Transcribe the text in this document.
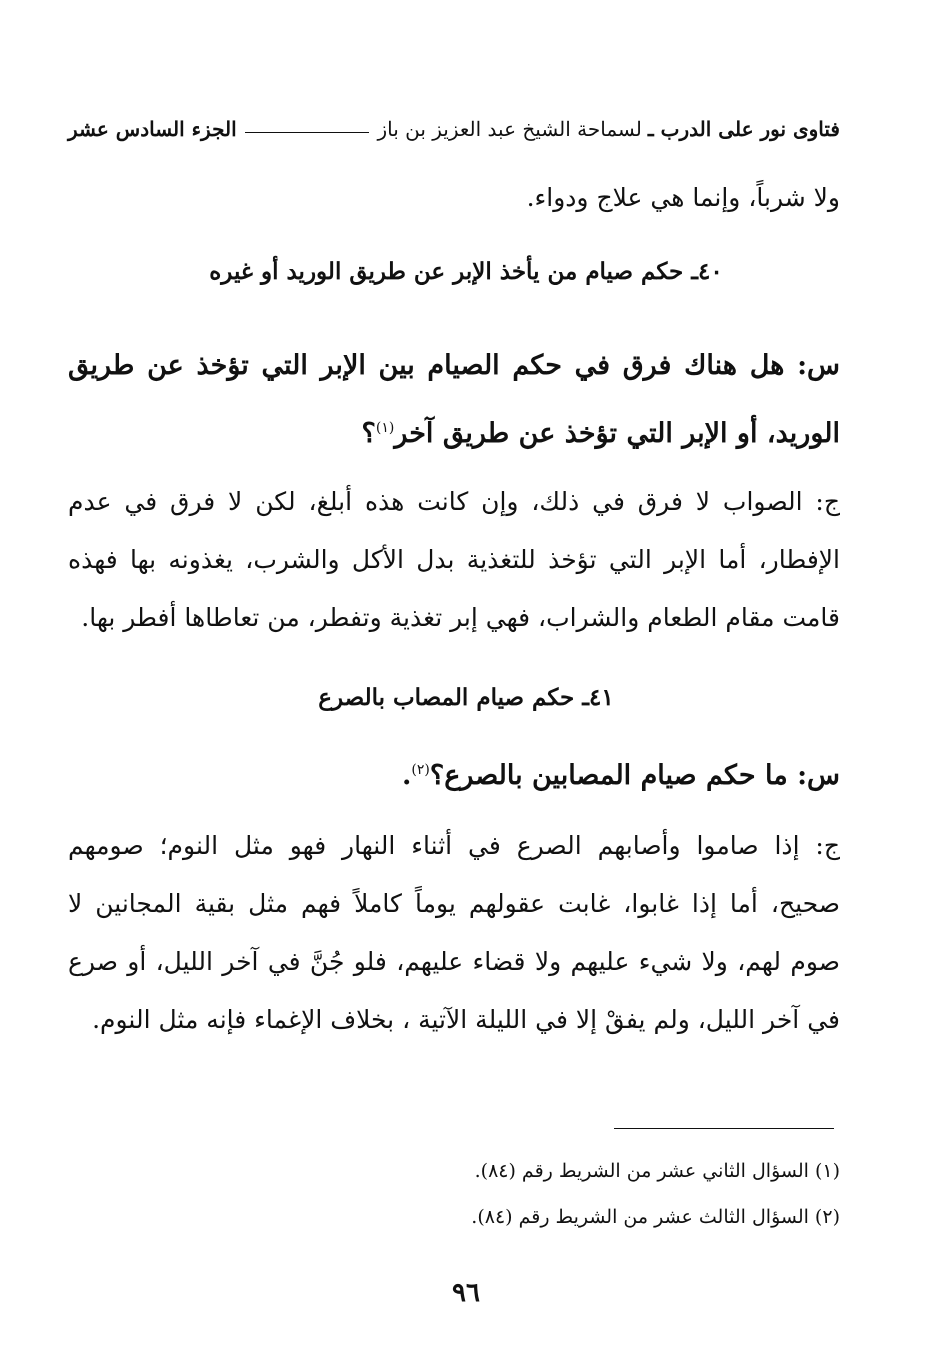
فتاوى نور على الدرب ـ
لسماحة الشيخ عبد العزيز بن باز
الجزء السادس عشر
ولا شرباً، وإنما هي علاج ودواء.
٤٠ـ حكم صيام من يأخذ الإبر عن طريق الوريد أو غيره
س: هل هناك فرق في حكم الصيام بين الإبر التي تؤخذ عن طريق
الوريد، أو الإبر التي تؤخذ عن طريق آخر$^{(١)}$؟
ج: الصواب لا فرق في ذلك، وإن كانت هذه أبلغ، لكن لا فرق في عدم
الإفطار، أما الإبر التي تؤخذ للتغذية بدل الأكل والشرب، يغذونه بها فهذه
قامت مقام الطعام والشراب، فهي إبر تغذية وتفطر، من تعاطاها أفطر بها.
٤١ـ حكم صيام المصاب بالصرع
س: ما حكم صيام المصابين بالصرع؟$^{(٢)}$.
ج: إذا صاموا وأصابهم الصرع في أثناء النهار فهو مثل النوم؛ صومهم
صحيح، أما إذا غابوا، غابت عقولهم يوماً كاملاً فهم مثل بقية المجانين لا
صوم لهم، ولا شيء عليهم ولا قضاء عليهم، فلو جُنَّ في آخر الليل، أو صرع
في آخر الليل، ولم يفقْ إلا في الليلة الآتية ، بخلاف الإغماء فإنه مثل النوم.
(١) السؤال الثاني عشر من الشريط رقم (٨٤).
(٢) السؤال الثالث عشر من الشريط رقم (٨٤).
٩٦
